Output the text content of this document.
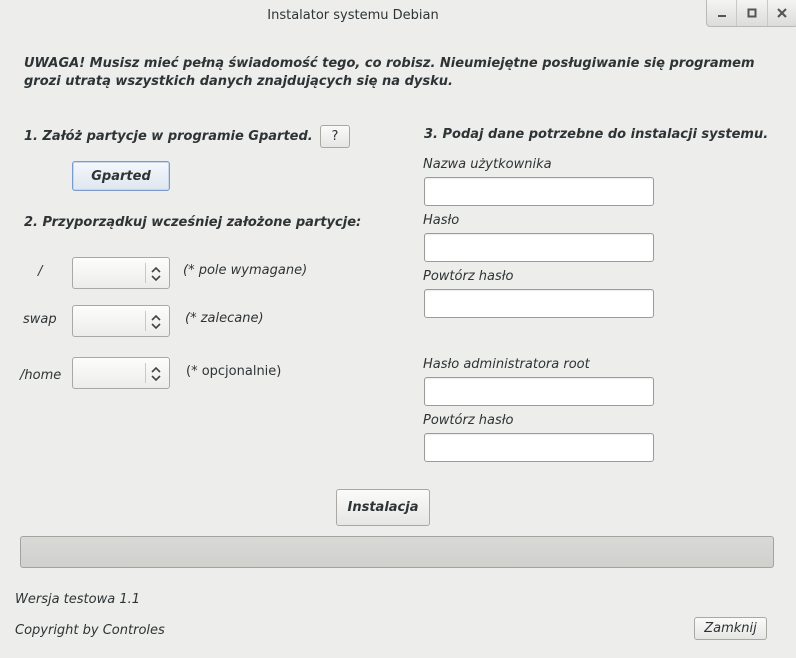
Instalator systemu Debian
UWAGA! Musisz mieć pełną świadomość tego, co robisz. Nieumiejętne posługiwanie się programem grozi utratą wszystkich danych znajdujących się na dysku.
1. Załóż partycje w programie Gparted.	?
Gparted
2. Przyporządkuj wcześniej założone partycje:
/	(* pole wymagane)
swap	(* zalecane)
/home	(* opcjonalnie)
3. Podaj dane potrzebne do instalacji systemu.
Nazwa użytkownika
Hasło
Powtórz hasło
Hasło administratora root
Powtórz hasło
Instalacja
Wersja testowa 1.1
Copyright by Controles	Zamknij
